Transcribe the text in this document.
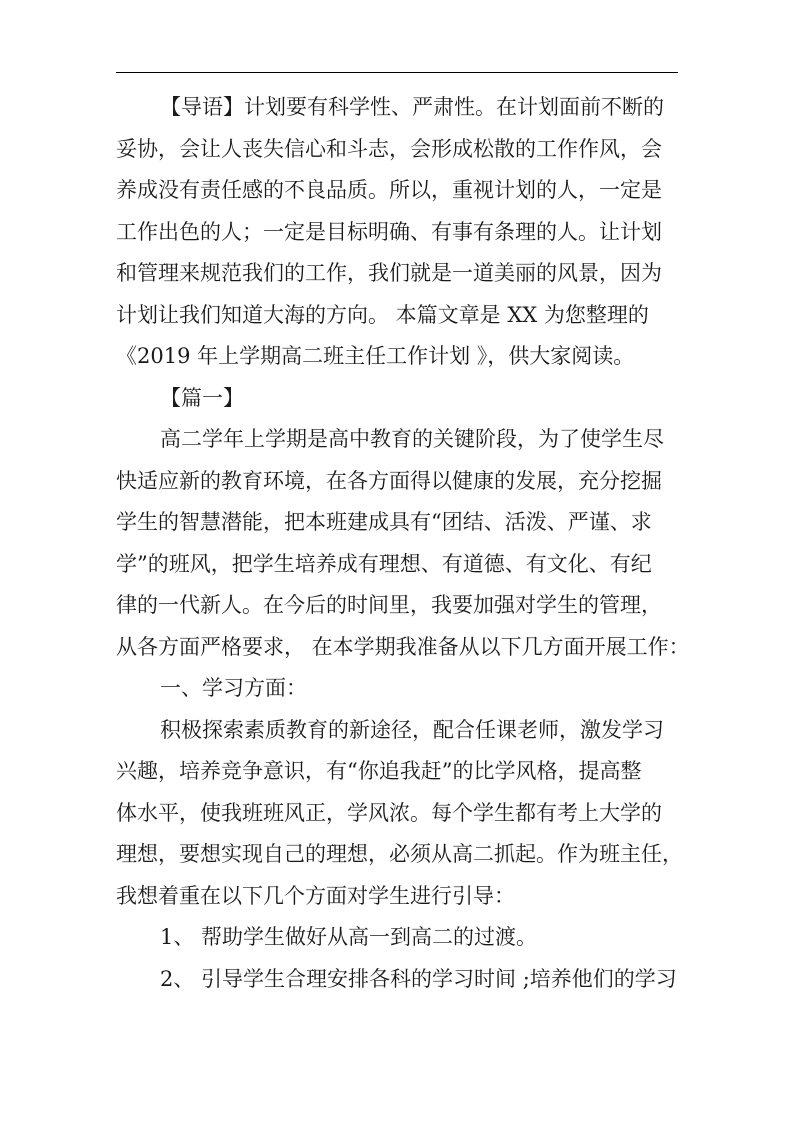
【导语】计划要有科学性、严肃性。在计划面前不断的
妥协，会让人丧失信心和斗志，会形成松散的工作作风，会
养成没有责任感的不良品质。所以，重视计划的人，一定是
工作出色的人；一定是目标明确、有事有条理的人。让计划
和管理来规范我们的工作，我们就是一道美丽的风景，因为
计划让我们知道大海的方向。 本篇文章是 XX 为您整理的
《2019 年上学期高二班主任工作计划 》，供大家阅读。
【篇一】
高二学年上学期是高中教育的关键阶段，为了使学生尽
快适应新的教育环境，在各方面得以健康的发展，充分挖掘
学生的智慧潜能，把本班建成具有“团结、活泼、严谨、求
学”的班风，把学生培养成有理想、有道德、有文化、有纪
律的一代新人。在今后的时间里，我要加强对学生的管理，
从各方面严格要求， 在本学期我准备从以下几方面开展工作：
一、学习方面：
积极探索素质教育的新途径，配合任课老师，激发学习
兴趣，培养竞争意识，有“你追我赶”的比学风格，提高整
体水平，使我班班风正，学风浓。每个学生都有考上大学的
理想，要想实现自己的理想，必须从高二抓起。作为班主任，
我想着重在以下几个方面对学生进行引导：
1、 帮助学生做好从高一到高二的过渡。
2、 引导学生合理安排各科的学习时间 ;培养他们的学习
